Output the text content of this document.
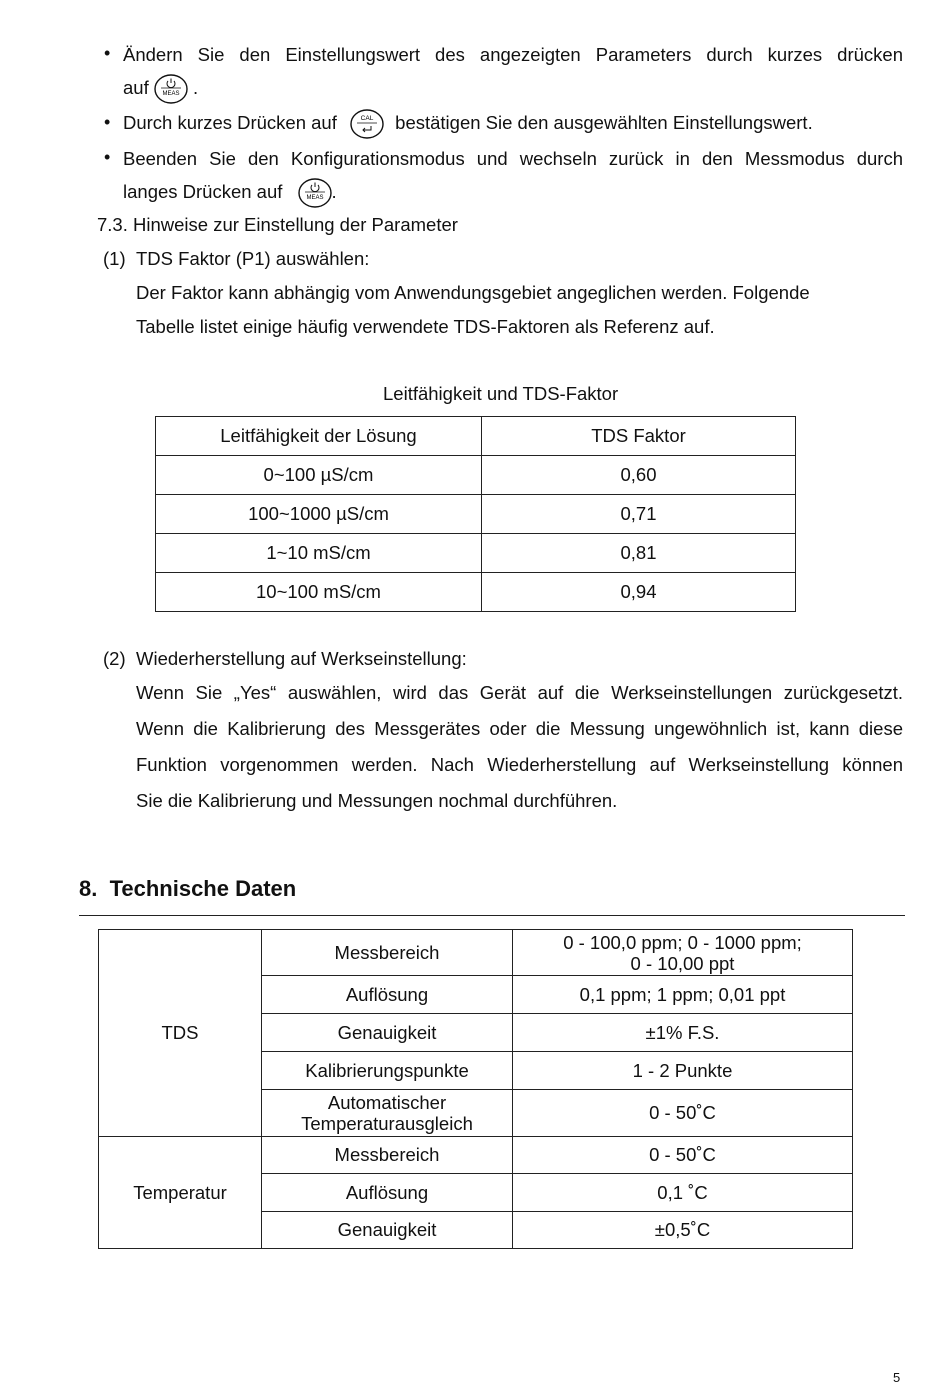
• Ändern Sie den Einstellungswert des angezeigten Parameters durch kurzes drücken
auf MEAS .
• Durch kurzes Drücken auf	CAL bestätigen Sie den ausgewählten Einstellungswert.
• Beenden Sie den Konfigurationsmodus und wechseln zurück in den Messmodus durch
langes Drücken auf	MEAS .
7.3. Hinweise zur Einstellung der Parameter
(1) TDS Faktor (P1) auswählen:
Der Faktor kann abhängig vom Anwendungsgebiet angeglichen werden. Folgende
Tabelle listet einige häufig verwendete TDS-Faktoren als Referenz auf.
Leitfähigkeit und TDS-Faktor
Leitfähigkeit der Lösung	TDS Faktor
0~100 µS/cm	0,60
100~1000 µS/cm	0,71
1~10 mS/cm	0,81
10~100 mS/cm	0,94
(2) Wiederherstellung auf Werkseinstellung:
Wenn Sie „Yes“ auswählen, wird das Gerät auf die Werkseinstellungen zurückgesetzt.
Wenn die Kalibrierung des Messgerätes oder die Messung ungewöhnlich ist, kann diese
Funktion vorgenommen werden. Nach Wiederherstellung auf Werkseinstellung können
Sie die Kalibrierung und Messungen nochmal durchführen.
8.  Technische Daten
TDS	Messbereich	0 - 100,0 ppm; 0 - 1000 ppm;
0 - 10,00 ppt

	Auflösung	0,1 ppm; 1 ppm; 0,01 ppt
	Genauigkeit	±1% F.S.
	Kalibrierungspunkte	1 - 2 Punkte

	Automatischer
Temperaturausgleich	0 - 50˚C
Temperatur	Messbereich	0 - 50˚C
	Auflösung	0,1 ˚C
	Genauigkeit	±0,5˚C
5
